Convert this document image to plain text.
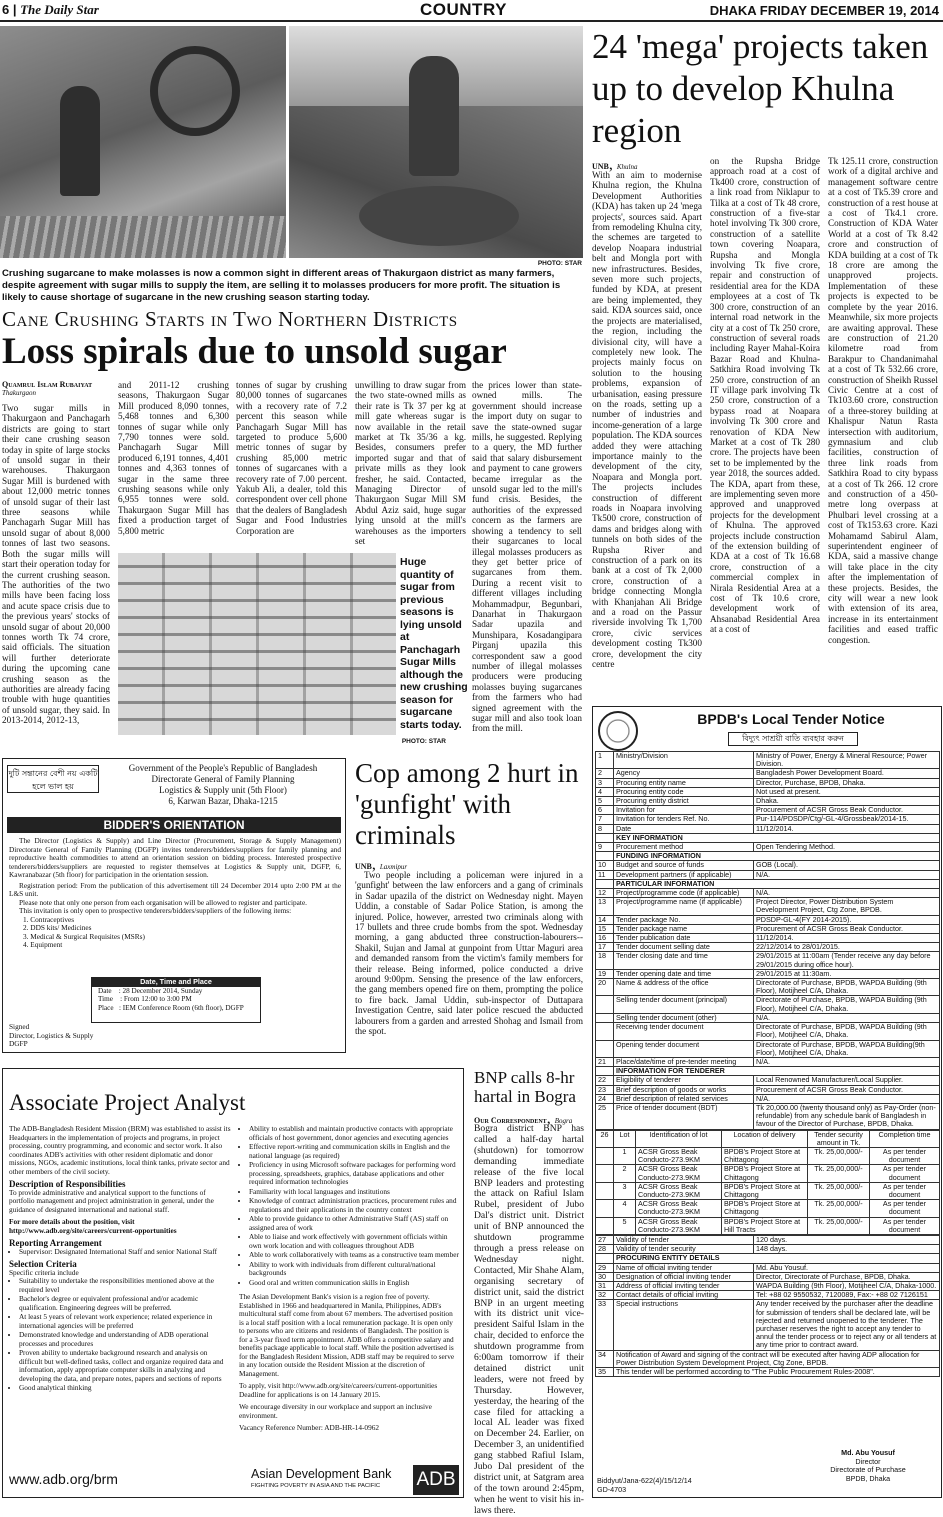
6 | The Daily Star	COUNTRY	DHAKA FRIDAY DECEMBER 19, 2014
PHOTO: STAR
Crushing sugarcane to make molasses is now a common sight in different areas of Thakurgaon district as many farmers, despite agreement with sugar mills to supply the item, are selling it to molasses producers for more profit. The situation is likely to cause shortage of sugarcane in the new crushing season starting today.
Cane Crushing Starts in Two Northern Districts
Loss spirals due to unsold sugar
Quamrul Islam Rubaiyat
Thakurgaon
Two sugar mills in Thakurgaon and Panchagarh districts are going to start their cane crushing season today in spite of large stocks of unsold sugar in their warehouses. Thakurgaon Sugar Mill is burdened with about 12,000 metric tonnes of unsold sugar of their last three seasons while Panchagarh Sugar Mill has unsold sugar of about 8,000 tonnes of last two seasons. Both the sugar mills will start their operation today for the current crushing season. The authorities of the two mills have been facing loss and acute space crisis due to the previous years' stocks of unsold sugar of about 20,000 tonnes worth Tk 74 crore, said officials. The situation will further deteriorate during the upcoming cane crushing season as the authorities are already facing trouble with huge quantities of unsold sugar, they said. In 2013-2014, 2012-13,
and 2011-12 crushing seasons, Thakurgaon Sugar Mill produced 8,090 tonnes, 5,468 tonnes and 6,300 tonnes of sugar while only 7,790 tonnes were sold. Panchagarh Sugar Mill produced 6,191 tonnes, 4,401 tonnes and 4,363 tonnes of sugar in the same three crushing seasons while only 6,955 tonnes were sold. Thakurgaon Sugar Mill has fixed a production target of 5,800 metric
tonnes of sugar by crushing 80,000 tonnes of sugarcanes with a recovery rate of 7.2 percent this season while Panchagarh Sugar Mill has targeted to produce 5,600 metric tonnes of sugar by crushing 85,000 metric tonnes of sugarcanes with a recovery rate of 7.00 percent. Yakub Ali, a dealer, told this correspondent over cell phone that the dealers of Bangladesh Sugar and Food Industries Corporation are
unwilling to draw sugar from the two state-owned mills as their rate is Tk 37 per kg at mill gate whereas sugar is now available in the retail market at Tk 35/36 a kg. Besides, consumers prefer imported sugar and that of private mills as they look fresher, he said. Contacted, Managing Director of Thakurgaon Sugar Mill SM Abdul Aziz said, huge sugar lying unsold at the mill's warehouses as the importers set
the prices lower than state-owned mills. The government should increase the import duty on sugar to save the state-owned sugar mills, he suggested. Replying to a query, the MD further said that salary disbursement and payment to cane growers became irregular as the unsold sugar led to the mill's fund crisis. Besides, the authorities of the expressed concern as the farmers are showing a tendency to sell their sugarcanes to local illegal molasses producers as they get better price of sugarcanes from them. During a recent visit to different villages including Mohammadpur, Begunbari, Danarhat in Thakurgaon Sadar upazila and Munshipara, Kosadangipara Pirganj upazila this correspondent saw a good number of illegal molasses producers were producing molasses buying sugarcanes from the farmers who had signed agreement with the sugar mill and also took loan from the mill.
Huge quantity of sugar from previous seasons is lying unsold at Panchagarh Sugar Mills although the new crushing season for sugarcane starts today.
PHOTO: STAR
24 'mega' projects taken up to develop Khulna region
UNB, Khulna
With an aim to modernise Khulna region, the Khulna Development Authorities (KDA) has taken up 24 'mega projects', sources said. Apart from remodeling Khulna city, the schemes are targeted to develop Noapara industrial belt and Mongla port with new infrastructures. Besides, seven more such projects, funded by KDA, at present are being implemented, they said. KDA sources said, once the projects are materialised, the region, including the divisional city, will have a completely new look. The projects mainly focus on solution to the housing problems, expansion of urbanisation, easing pressure on the roads, setting up a number of industries and income-generation of a large population. The KDA sources added they were attaching importance mainly to the development of the city, Noapara and Mongla port. The projects includes construction of different roads in Noapara involving Tk500 crore, construction of dams and bridges along with tunnels on both sides of the Rupsha River and construction of a park on its bank at a cost of Tk 2,000 crore, construction of a bridge connecting Mongla with Khanjahan Ali Bridge and a road on the Passur riverside involving Tk 1,700 crore, civic services development costing Tk300 crore, development the city centre
on the Rupsha Bridge approach road at a cost of Tk400 crore, construction of a link road from Niklapur to Tilka at a cost of Tk 48 crore, construction of a five-star hotel involving Tk 300 crore, construction of a satellite town covering Noapara, Rupsha and Mongla involving Tk five crore, repair and construction of residential area for the KDA employees at a cost of Tk 300 crore, construction of an internal road network in the city at a cost of Tk 250 crore, construction of several roads including Rayer Mahal-Koira Bazar Road and Khulna-Satkhira Road involving Tk 250 crore, construction of an IT village park involving Tk 250 crore, construction of a bypass road at Noapara involving Tk 300 crore and renovation of KDA New Market at a cost of Tk 280 crore. The projects have been set to be implemented by the year 2018, the sources added. The KDA, apart from these, are implementing seven more approved and unapproved projects for the development of Khulna. The approved projects include construction of the extension building of KDA at a cost of Tk 16.68 crore, construction of a commercial complex in Nirala Residential Area at a cost of Tk 10.6 crore, development work of Ahsanabad Residential Area at a cost of
Tk 125.11 crore, construction work of a digital archive and management software centre at a cost of Tk5.39 crore and construction of a rest house at a cost of Tk4.1 crore. Construction of KDA Water World at a cost of Tk 8.42 crore and construction of KDA building at a cost of Tk 18 crore are among the unapproved projects. Implementation of these projects is expected to be complete by the year 2016. Meanwhile, six more projects are awaiting approval. These are construction of 21.20 kilometre road from Barakpur to Chandanimahal at a cost of Tk 532.66 crore, construction of Sheikh Russel Civic Centre at a cost of Tk103.60 crore, construction of a three-storey building at Khalispur Natun Rasta intersection with auditorium, gymnasium and club facilities, construction of three link roads from Satkhira Road to city bypass at a cost of Tk 266. 12 crore and construction of a 450-metre long overpass at Phulbari level crossing at a cost of Tk153.63 crore. Kazi Mohamamd Sabirul Alam, superintendent engineer of KDA, said a massive change will take place in the city after the implementation of these projects. Besides, the city will wear a new look with extension of its area, increase in its entertainment facilities and eased traffic congestion.
দুটি সন্তানের বেশী নয় একটি হলে ভাল হয়
Government of the People's Republic of Bangladesh
Directorate General of Family Planning
Logistics & Supply unit (5th Floor)
6, Karwan Bazar, Dhaka-1215
BIDDER'S ORIENTATION

The Director (Logistics & Supply) and Line Director (Procurement, Storage & Supply Management) Directorate General of Family Planning (DGFP) invites tenderers/bidders/suppliers for family planning and reproductive health commodities to attend an orientation session on bidding process. Interested prospective tenderers/bidders/suppliers are requested to register themselves at Logistics & Supply unit, DGFP, 6, Kawranabazar (5th floor) for participation in the orientation session.

Registration period: From the publication of this advertisement till 24 December 2014 upto 2:00 PM at the L&S unit.

Please note that only one person from each organisation will be allowed to register and participate.

This invitation is only open to prospective tenderers/bidders/suppliers of the following items:

1. Contraceptives
2. DDS kits/ Medicines
3. Medical & Surgical Requisites (MSRs)
4. Equipment
Date, Time and Place
Date    : 28 December 2014, Sunday
Time    : From 12:00 to 3:00 PM
Place   : IEM Conference Room (6th floor), DGFP
Signed
Director, Logistics & Supply
DGFP
Cop among 2 hurt in 'gunfight' with criminals
UNB, Laxmipur
Two people including a policeman were injured in a 'gunfight' between the law enforcers and a gang of criminals in Sadar upazila of the district on Wednesday night. Mayen Uddin, a constable of Sadar Police Station, is among the injured. Police, however, arrested two criminals along with 17 bullets and three crude bombs from the spot. Wednesday morning, a gang abducted three construction-labourers-- Shakil, Sujan and Jamal at gunpoint from Uttar Maguri area and demanded ransom from the victim's family members for their release. Being informed, police conducted a drive around 9:00pm. Sensing the presence of the law enforcers, the gang members opened fire on them, prompting the police to fire back. Jamal Uddin, sub-inspector of Duttapara Investigation Centre, said later police rescued the abducted labourers from a garden and arrested Shohag and Ismail from the spot.
Associate Project Analyst

The ADB-Bangladesh Resident Mission (BRM) was established to assist its Headquarters in the implementation of projects and programs, in project processing, country programming, and economic and sector work. It also coordinates ADB's activities with other resident diplomatic and donor missions, NGOs, academic institutions, local think tanks, private sector and other members of the civil society.

Description of Responsibilities

To provide administrative and analytical support to the functions of portfolio management and project administration in general, under the guidance of designated international and national staff.

For more details about the position, visit http://www.adb.org/site/careers/current-opportunities

Reporting Arrangement
• Supervisor: Designated International Staff and senior National Staff
Selection Criteria
Specific criteria include
• Suitability to undertake the responsibilities mentioned above at the required level
• Bachelor's degree or equivalent professional and/or academic qualification. Engineering degrees will be preferred.
• At least 5 years of relevant work experience; related experience in international agencies will be preferred
• Demonstrated knowledge and understanding of ADB operational processes and procedures
• Proven ability to undertake background research and analysis on difficult but well-defined tasks, collect and organize required data and information, apply appropriate computer skills in analyzing and developing the data, and prepare notes, papers and sections of reports
• Good analytical thinking
• Ability to establish and maintain productive contacts with appropriate officials of host government, donor agencies and executing agencies
• Effective report-writing and communication skills in English and the national language (as required)
• Proficiency in using Microsoft software packages for performing word processing, spreadsheets, graphics, database applications and other required information technologies
• Familiarity with local languages and institutions
• Knowledge of contract administration practices, procurement rules and regulations and their applications in the country context
• Able to provide guidance to other Administrative Staff (AS) staff on assigned area of work
• Able to liaise and work effectively with government officials within own work location and with colleagues throughout ADB
• Able to work collaboratively with teams as a constructive team member
• Ability to work with individuals from different cultural/national backgrounds
• Good oral and written communication skills in English

The Asian Development Bank's vision is a region free of poverty. Established in 1966 and headquartered in Manila, Philippines, ADB's multicultural staff come from about 67 members. The advertised position is a local staff position with a local remuneration package. It is open only to persons who are citizens and residents of Bangladesh. The position is for a 3-year fixed term appointment. ADB offers a competitive salary and benefits package applicable to local staff. While the position advertised is for the Bangladesh Resident Mission, ADB staff may be required to serve in any location outside the Resident Mission at the discretion of Management.

To apply, visit http://www.adb.org/site/careers/current-opportunities Deadline for applications is on 14 January 2015.

We encourage diversity in our workplace and support an inclusive environment.

Vacancy Reference Number: ADB-HR-14-0962

www.adb.org/brm	Asian Development Bank
FIGHTING POVERTY IN ASIA AND THE PACIFIC	ADB
BNP calls 8-hr hartal in Bogra
Our Correspondent, Bogra
Bogra district BNP has called a half-day hartal (shutdown) for tomorrow demanding immediate release of the five local BNP leaders and protesting the attack on Rafiul Islam Rubel, president of Jubo Dal's district unit. District unit of BNP announced the shutdown programme through a press release on Wednesday night. Contacted, Mir Shahe Alam, organising secretary of district unit, said the district BNP in an urgent meeting with its district unit vice-president Saiful Islam in the chair, decided to enforce the shutdown programme from 6:00am tomorrow if their detained district unit leaders, were not freed by Thursday. However, yesterday, the hearing of the case filed for attacking a local AL leader was fixed on December 24. Earlier, on December 3, an unidentified gang stabbed Rafiul Islam, Jubo Dal president of the district unit, at Satgram area of the town around 2:45pm, when he went to visit his in-laws there.
BPDB's Local Tender Notice
বিদ্যুৎ সাশ্রয়ী বাতি ব্যবহার করুন
1	Ministry/Division	Ministry of Power, Energy & Mineral Resource; Power Division.
2	Agency	Bangladesh Power Development Board.
3	Procuring entity name	Director, Purchase, BPDB, Dhaka.
4	Procuring entity code	Not used at present.
5	Procuring entity district	Dhaka.
6	Invitation for	Procurement of ACSR Gross Beak Conductor.
7	Invitation for tenders Ref. No.	Pur-114/PDSDP/Ctg/-GL-4/Grossbeak/2014-15.
8	Date	11/12/2014.
	KEY INFORMATION	
9	Procurement method	Open Tendering Method.
	FUNDING INFORMATION	
10	Budget and source of funds	GOB (Local).
11	Development partners (if applicable)	N/A.
	PARTICULAR INFORMATION	
12	Project/programme code (if applicable)	N/A.
13	Project/programme name (if applicable)	Project Director, Power Distribution System Development Project, Ctg Zone, BPDB.
14	Tender package No.	PDSDP-GL-4(FY 2014-2015).
15	Tender package name	Procurement of ACSR Gross Beak Conductor.
16	Tender publication date	11/12/2014.
17	Tender document selling date	22/12/2014 to 28/01/2015.
18	Tender closing date and time	29/01/2015 at 11:00am (Tender receive any day before 29/01/2015 during office hour).
19	Tender opening date and time	29/01/2015 at 11:30am.
20	Name & address of the office	Directorate of Purchase, BPDB, WAPDA Building (9th Floor), Motijheel C/A, Dhaka.
	Selling tender document (principal)	Directorate of Purchase, BPDB, WAPDA Building (9th Floor), Motijheel C/A, Dhaka.
	Selling tender document (other)	N/A.
	Receiving tender document	Directorate of Purchase, BPDB, WAPDA Building (9th Floor), Motijheel C/A, Dhaka.
	Opening tender document	Directorate of Purchase, BPDB, WAPDA Building(9th Floor), Motijheel C/A, Dhaka.
21	Place/date/time of pre-tender meeting	N/A.
	INFORMATION FOR TENDERER	
22	Eligibility of tenderer	Local Renowned Manufacturer/Local Supplier.
23	Brief description of goods or works	Procurement of ACSR Gross Beak Conductor.
24	Brief description of related services	N/A.
25	Price of tender document (BDT)	Tk 20,000.00 (twenty thousand only) as Pay-Order (non-refundable) from any schedule bank of Bangladesh in favour of the Director of Purchase, BPDB, Dhaka.
26	Lot	Identification of lot	Location of delivery	Tender security amount in Tk.	Completion time
	1	ACSR Gross Beak Conducto-273.9KM	BPDB's Project Store at Chittagong	Tk. 25,00,000/-	As per tender document
	2	ACSR Gross Beak Conducto-273.9KM	BPDB's Project Store at Chittagong	Tk. 25,00,000/-	As per tender document
	3	ACSR Gross Beak Conducto-273.9KM	BPDB's Project Store at Chittagong	Tk. 25,00,000/-	As per tender document
	4	ACSR Gross Beak Conducto-273.9KM	BPDB's Project Store at Chittagong	Tk. 25,00,000/-	As per tender document
	5	ACSR Gross Beak Conducto-273.9KM	BPDB's Project Store at Hill Tracts	Tk. 25,00,000/-	As per tender document
27	Validity of tender	120 days.
28	Validity of tender security	148 days.
	PROCURING ENTITY DETAILS	
29	Name of official inviting tender	Md. Abu Yousuf.
30	Designation of official inviting tender	Director, Directorate of Purchase, BPDB, Dhaka.
31	Address of official inviting tender	WAPDA Building (9th Floor), Motijheel C/A, Dhaka-1000.
32	Contact details of official inviting	Tel: +88 02 9550532, 7120089, Fax:- +88 02 7126151
33	Special instructions	Any tender received by the purchaser after the deadline for submission of tenders shall be declared late, will be rejected and returned unopened to the tenderer. The purchaser reserves the right to accept any tender to annul the tender process or to reject any or all tenders at any time prior to contract award.
34	Notification of Award and signing of the contract will be executed after having ADP allocation for Power Distribution System Development Project, Ctg Zone, BPDB.	
35	This tender will be performed according to "The Public Procurement Rules-2008".	
Md. Abu Yousuf
Director
Directorate of Purchase
BPDB, Dhaka
Biddyut/Jana-622(4)/15/12/14
GD-4703
